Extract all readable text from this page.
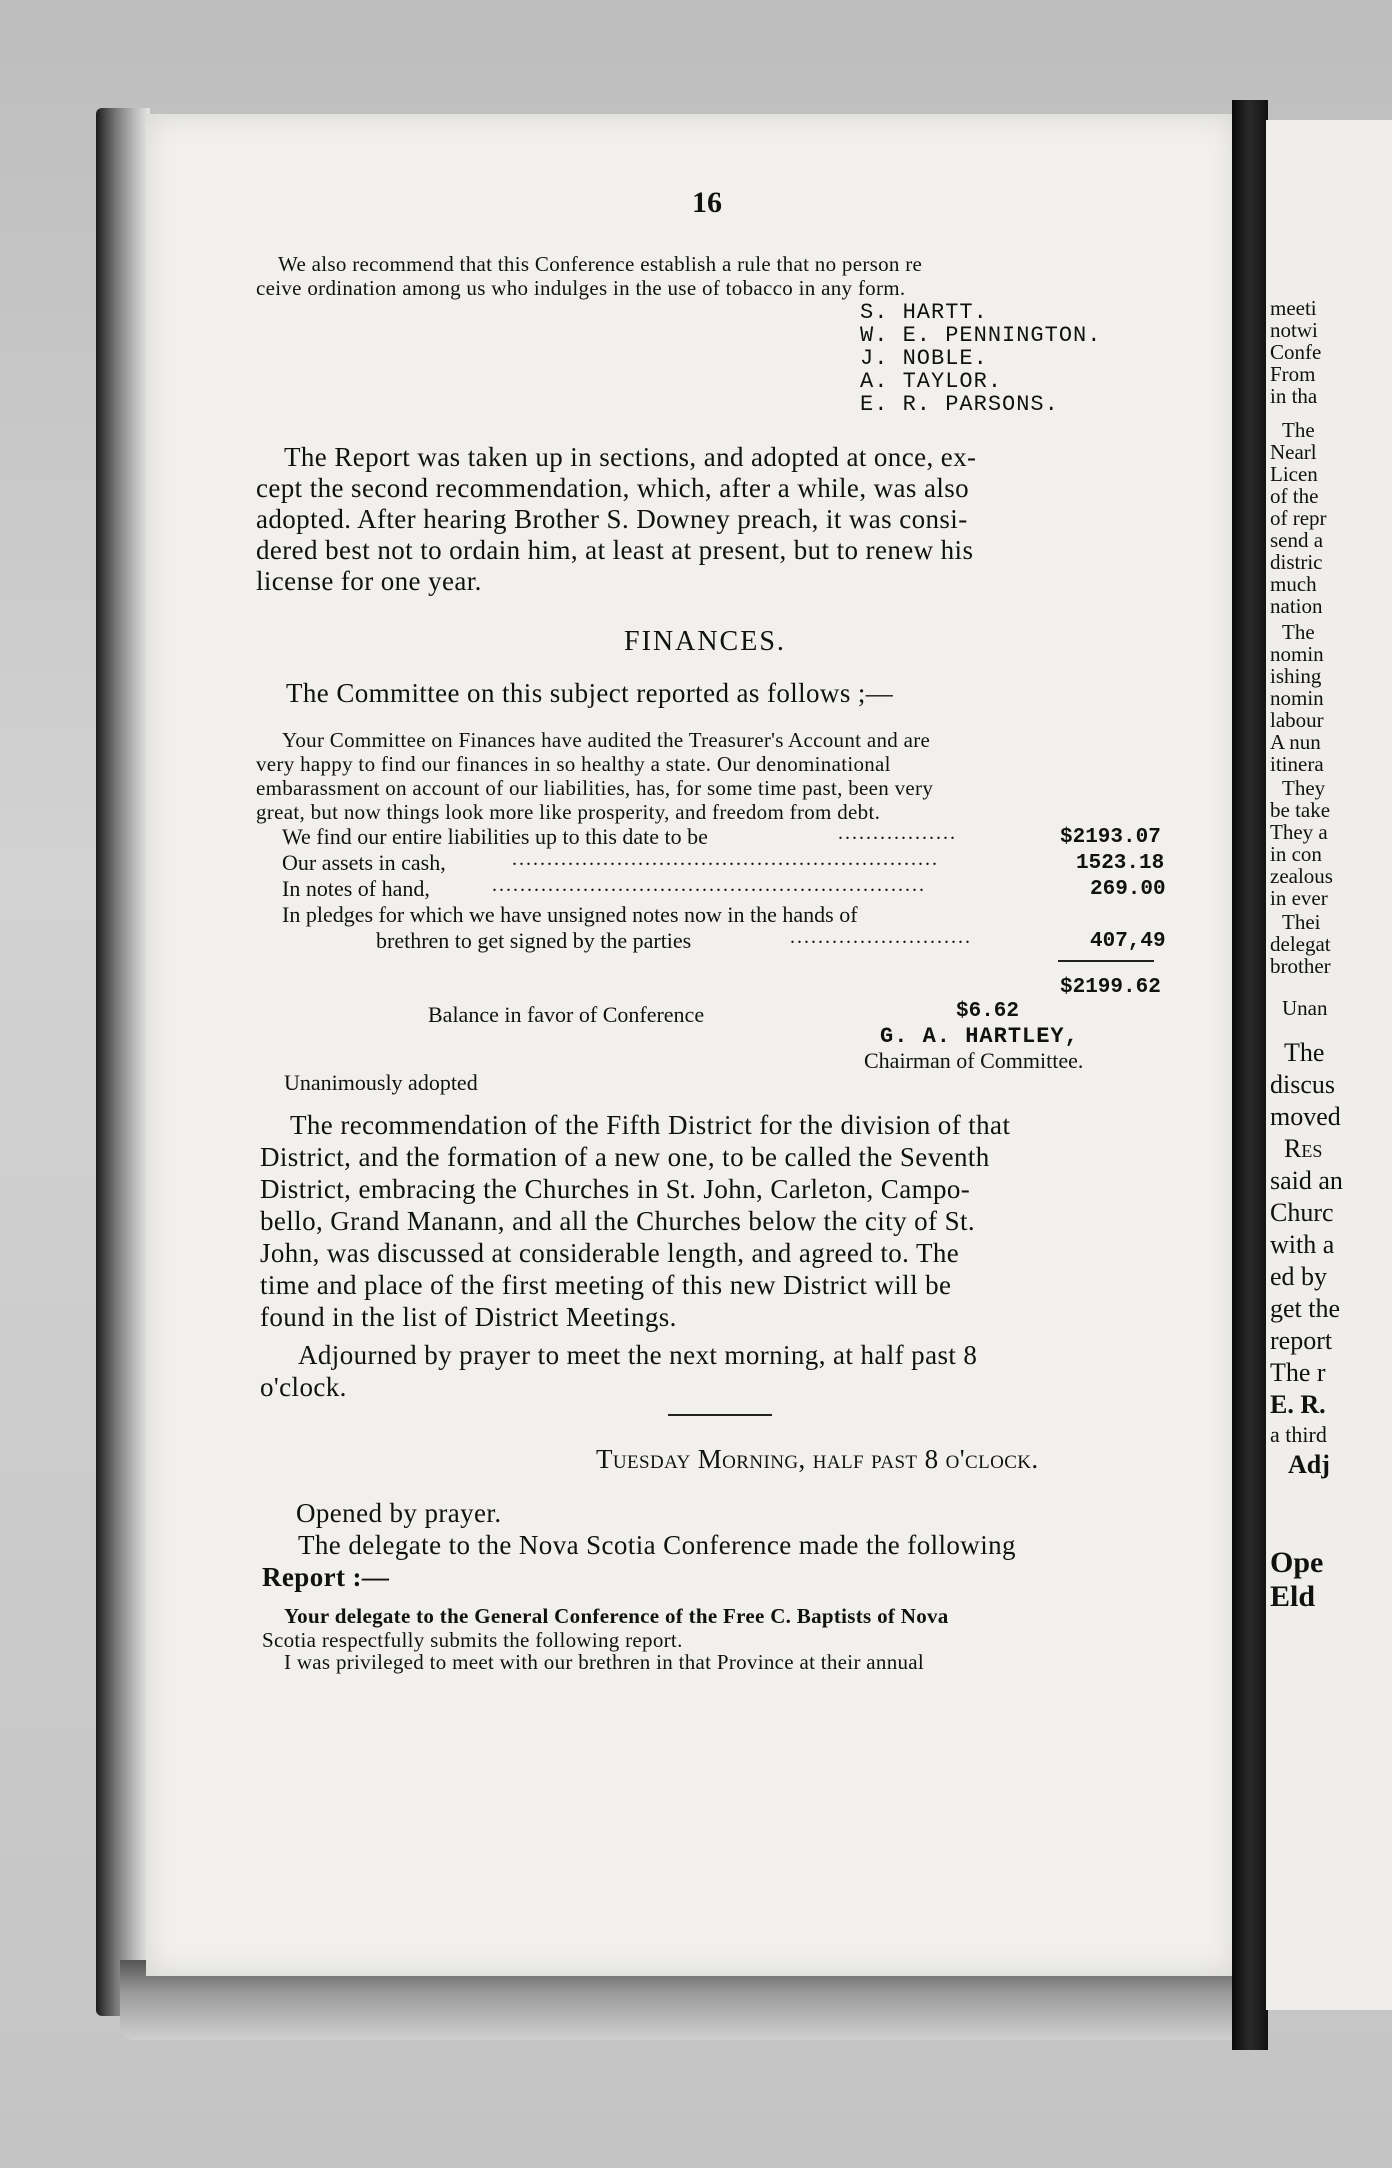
16
We also recommend that this Conference establish a rule that no person re
ceive ordination among us who indulges in the use of tobacco in any form.
S. HARTT.
W. E. PENNINGTON.
J. NOBLE.
A. TAYLOR.
E. R. PARSONS.
The Report was taken up in sections, and adopted at once, ex-
cept the second recommendation, which, after a while, was also
adopted. After hearing Brother S. Downey preach, it was consi-
dered best not to ordain him, at least at present, but to renew his
license for one year.
FINANCES.
The Committee on this subject reported as follows ;—
Your Committee on Finances have audited the Treasurer's Account and are
very happy to find our finances in so healthy a state. Our denominational
embarassment on account of our liabilities, has, for some time past, been very
great, but now things look more like prosperity, and freedom from debt.
We find our entire liabilities up to this date to be	.................	$2193.07
Our assets in cash,	.............................................................	1523.18
In notes of hand,	..............................................................	269.00
In pledges for which we have unsigned notes now in the hands of
brethren to get signed by the parties	..........................	407,49
$2199.62
Balance in favor of Conference	$6.62
G. A. HARTLEY,
Chairman of Committee.
Unanimously adopted
The recommendation of the Fifth District for the division of that
District, and the formation of a new one, to be called the Seventh
District, embracing the Churches in St. John, Carleton, Campo-
bello, Grand Manann, and all the Churches below the city of St.
John, was discussed at considerable length, and agreed to. The
time and place of the first meeting of this new District will be
found in the list of District Meetings.
Adjourned by prayer to meet the next morning, at half past 8
o'clock.
Tuesday Morning, half past 8 o'clock.
Opened by prayer.
The delegate to the Nova Scotia Conference made the following
Report :—
Your delegate to the General Conference of the Free C. Baptists of Nova
Scotia respectfully submits the following report.
I was privileged to meet with our brethren in that Province at their annual
meeti
notwi
Confe
From
in tha
The
Nearl
Licen
of the
of repr
send a
distric
much
nation
The
nomin
ishing
nomin
labour
A nun
itinera
They
be take
They a
in con
zealous
in ever
Thei
delegat
brother
Unan
The
discus
moved
Res
said an
Churc
with a
ed by
get the
report
The r
E. R.
a third
Adj
Ope
Eld
